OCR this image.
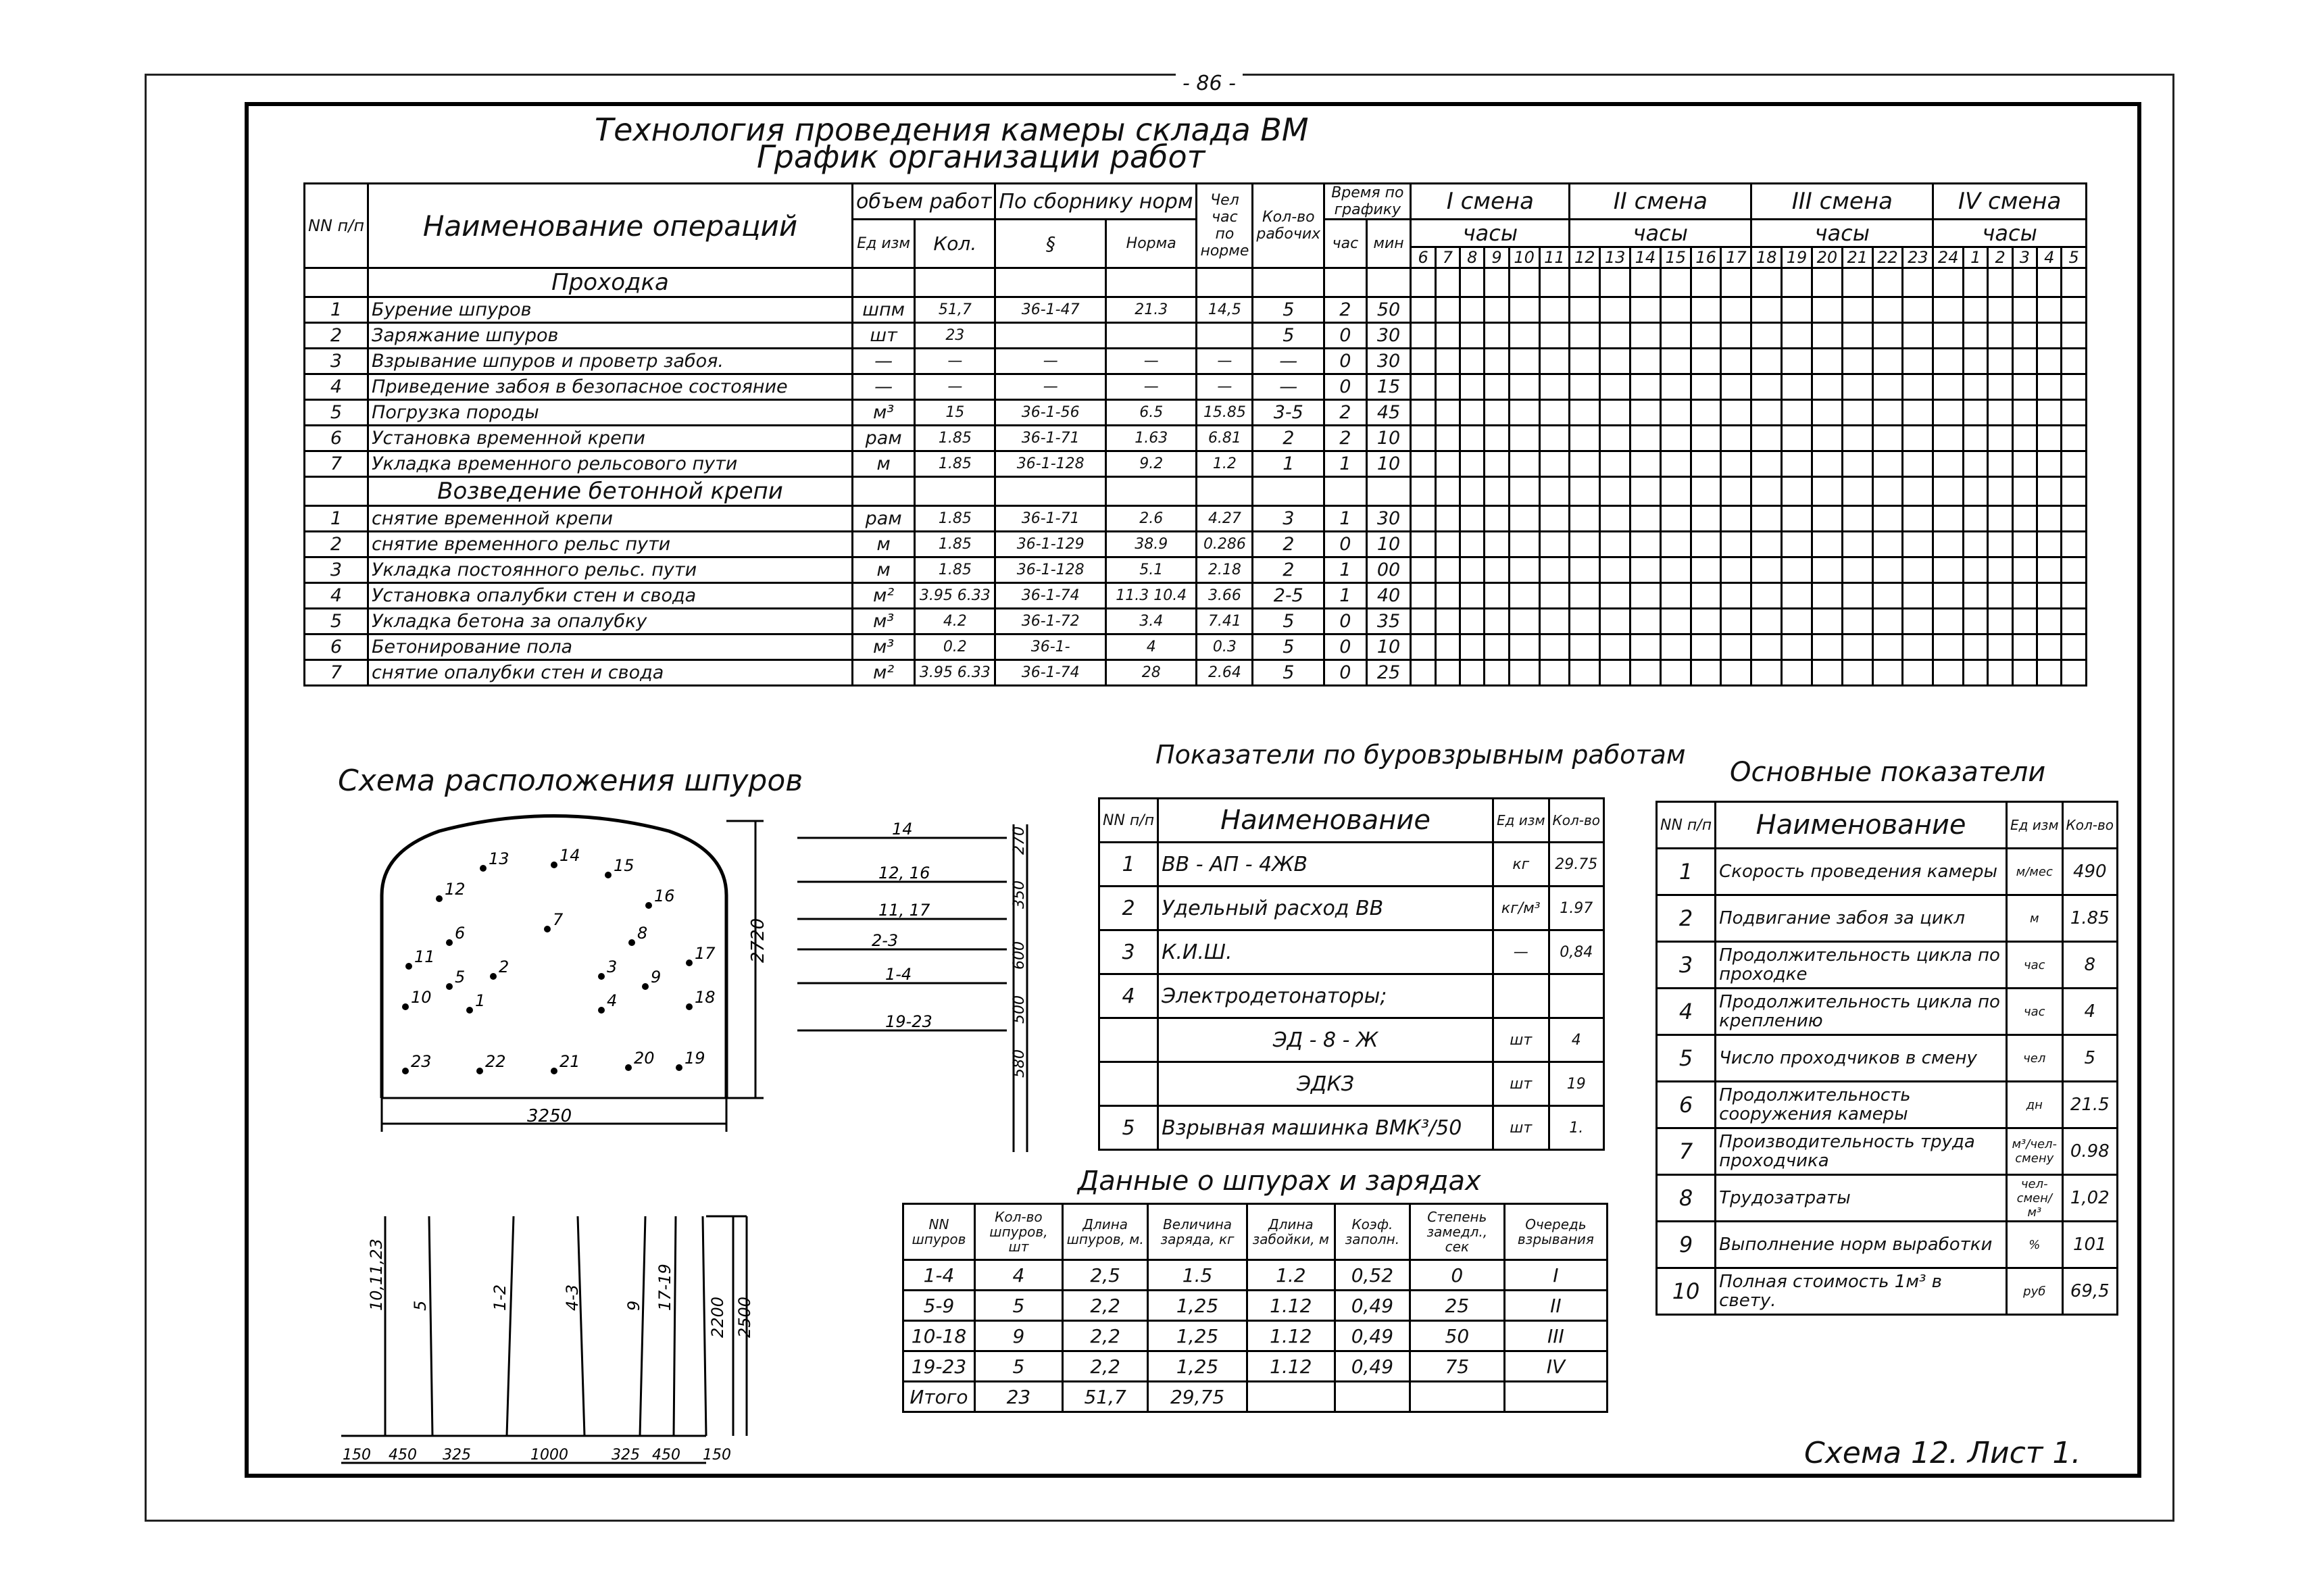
- 86 -
Технология проведения камеры склада ВМ
График организации работ
NN п/п	Наименование операций	объем работ		По сборнику норм		Чел час по норме	Кол-во рабочих	Время по графику		I смена						II смена						III смена						IV смена					
		Ед изм	Кол.	§	Норма			час	мин	часы						часы						часы						часы					
										6	7	8	9	10	11	12	13	14	15	16	17	18	19	20	21	22	23	24	1	2	3	4	5
	Проходка																																
1	Бурение шпуров	шпм	51,7	36-1-47	21.3	14,5	5	2	50																								
2	Заряжание шпуров	шт	23				5	0	30																								
3	Взрывание шпуров и проветр забоя.	—	—	—	—	—	—	0	30																								
4	Приведение забоя в безопасное состояние	—	—	—	—	—	—	0	15																								
5	Погрузка породы	м³	15	36-1-56	6.5	15.85	3-5	2	45																								
6	Установка временной крепи	рам	1.85	36-1-71	1.63	6.81	2	2	10																								
7	Укладка временного рельсового пути	м	1.85	36-1-128	9.2	1.2	1	1	10																								
	Возведение бетонной крепи																																
1	снятие временной крепи	рам	1.85	36-1-71	2.6	4.27	3	1	30																								
2	снятие временного рельс пути	м	1.85	36-1-129	38.9	0.286	2	0	10																								
3	Укладка постоянного рельс. пути	м	1.85	36-1-128	5.1	2.18	2	1	00																								
4	Установка опалубки стен и свода	м²	3.95 6.33	36-1-74	11.3 10.4	3.66	2-5	1	40																								
5	Укладка бетона за опалубку	м³	4.2	36-1-72	3.4	7.41	5	0	35																								
6	Бетонирование пола	м³	0.2	36-1-	4	0.3	5	0	10																								
7	снятие опалубки стен и свода	м²	3.95 6.33	36-1-74	28	2.64	5	0	25																								
Схема расположения шпуров
3250
2720
1
2	3
4
5
6
7
8
9
10
11
12
13	14
15
16
17
18
19
20
21
22
23
14
12, 16
11, 17
2-3
1-4
19-23
270
350
600
500
580
10,11,23 5	1-2	4-3	9 17-19
150 450 325	1000	325 450 150
2200 2500
Показатели по буровзрывным работам
NN п/п	Наименование	Ед изм	Кол-во
1	ВВ - АП - 4ЖВ	кг	29.75
2	Удельный расход ВВ	кг/м³	1.97
3	К.И.Ш.	—	0,84
4	Электродетонаторы;		
	ЭД - 8 - Ж	шт	4
	ЭДКЗ	шт	19
5	Взрывная машинка ВМК³/50	шт	1.
Данные о шпурах и зарядах
NN шпуров	Кол-во шпуров, шт	Длина шпуров, м.	Величина заряда, кг	Длина забойки, м	Коэф. заполн.	Степень замедл., сек	Очередь взрывания
1-4	4	2,5	1.5	1.2	0,52	0	I
5-9	5	2,2	1,25	1.12	0,49	25	II
10-18	9	2,2	1,25	1.12	0,49	50	III
19-23	5	2,2	1,25	1.12	0,49	75	IV
Итого	23	51,7	29,75				
Основные показатели
NN п/п	Наименование	Ед изм	Кол-во
1	Скорость проведения камеры	м/мес	490
2	Подвигание забоя за цикл	м	1.85
3	Продолжительность цикла по проходке	час	8
4	Продолжительность цикла по креплению	час	4
5	Число проходчиков в смену	чел	5
6	Продолжительность сооружения камеры	дн	21.5
7	Производительность труда проходчика	м³/чел-смену	0.98
8	Трудозатраты	чел-смен/м³	1,02
9	Выполнение норм выработки	%	101
10	Полная стоимость 1м³ в свету.	руб	69,5
Схема 12. Лист 1.
